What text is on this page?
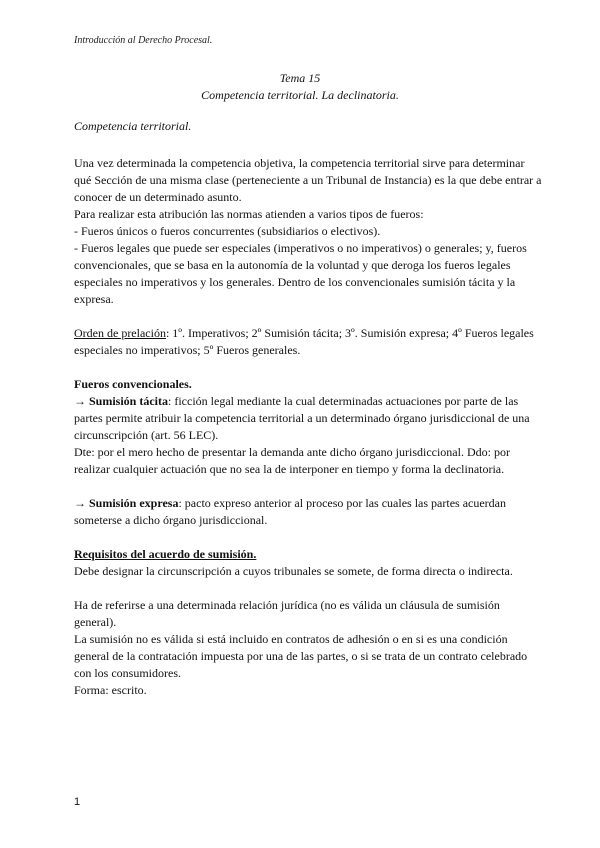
Introducción al Derecho Procesal.
Tema 15
Competencia territorial. La declinatoria.

Competencia territorial.

Una vez determinada la competencia objetiva, la competencia territorial sirve para determinar qué Sección de una misma clase (perteneciente a un Tribunal de Instancia) es la que debe entrar a conocer de un determinado asunto.

Para realizar esta atribución las normas atienden a varios tipos de fueros:

- Fueros únicos o fueros concurrentes (subsidiarios o electivos).

- Fueros legales que puede ser especiales (imperativos o no imperativos) o generales; y, fueros convencionales, que se basa en la autonomía de la voluntad y que deroga los fueros legales especiales no imperativos y los generales. Dentro de los convencionales sumisión tácita y la expresa.

Orden de prelación: 1º. Imperativos; 2º Sumisión tácita; 3º. Sumisión expresa; 4º Fueros legales especiales no imperativos; 5º Fueros generales.

Fueros convencionales.

→ Sumisión tácita: ficción legal mediante la cual determinadas actuaciones por parte de las partes permite atribuir la competencia territorial a un determinado órgano jurisdiccional de una circunscripción (art. 56 LEC).

Dte: por el mero hecho de presentar la demanda ante dicho órgano jurisdiccional. Ddo: por realizar cualquier actuación que no sea la de interponer en tiempo y forma la declinatoria.

→ Sumisión expresa: pacto expreso anterior al proceso por las cuales las partes acuerdan someterse a dicho órgano jurisdiccional.

Requisitos del acuerdo de sumisión.

Debe designar la circunscripción a cuyos tribunales se somete, de forma directa o indirecta.

Ha de referirse a una determinada relación jurídica (no es válida un cláusula de sumisión general).

La sumisión no es válida si está incluido en contratos de adhesión o en si es una condición general de la contratación impuesta por una de las partes, o si se trata de un contrato celebrado con los consumidores.

Forma: escrito.

1
